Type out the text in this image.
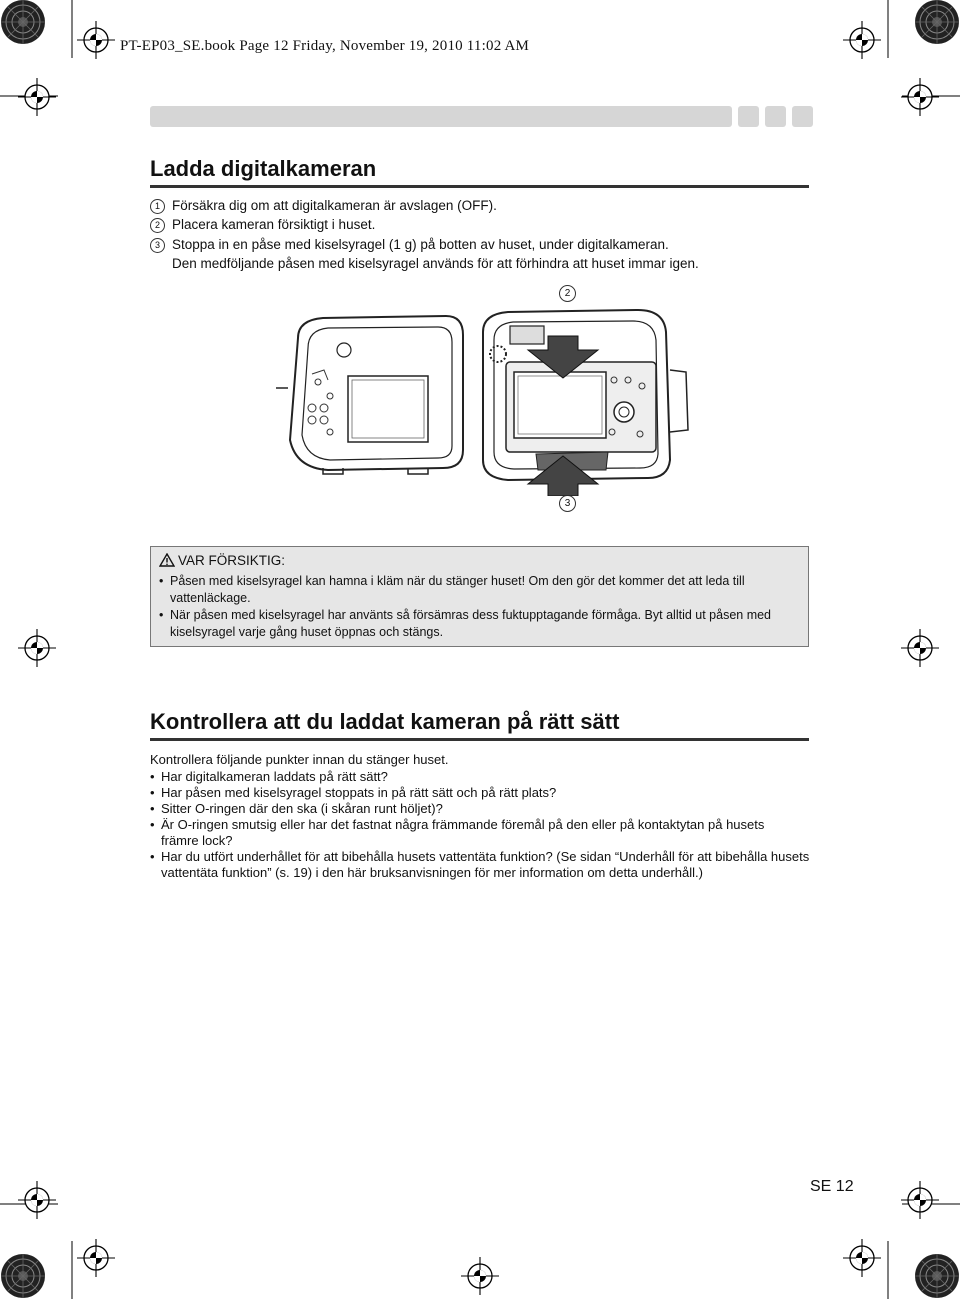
PT-EP03_SE.book Page 12 Friday, November 19, 2010 11:02 AM
Ladda digitalkameran
1 Försäkra dig om att digitalkameran är avslagen (OFF).
2 Placera kameran försiktigt i huset.
3 Stoppa in en påse med kiselsyragel (1 g) på botten av huset, under digitalkameran.
Den medföljande påsen med kiselsyragel används för att förhindra att huset immar igen.
2
3
VAR FÖRSIKTIG:
• Påsen med kiselsyragel kan hamna i kläm när du stänger huset! Om den gör det kommer det att leda till vattenläckage.
• När påsen med kiselsyragel har använts så försämras dess fuktupptagande förmåga. Byt alltid ut påsen med kiselsyragel varje gång huset öppnas och stängs.
Kontrollera att du laddat kameran på rätt sätt

Kontrollera följande punkter innan du stänger huset.

• Har digitalkameran laddats på rätt sätt?

• Har påsen med kiselsyragel stoppats in på rätt sätt och på rätt plats?

• Sitter O-ringen där den ska (i skåran runt höljet)?

• Är O-ringen smutsig eller har det fastnat några främmande föremål på den eller på kontaktytan på husets främre lock?

• Har du utfört underhållet för att bibehålla husets vattentäta funktion? (Se sidan “Underhåll för att bibehålla husets vattentäta funktion” (s. 19) i den här bruksanvisningen för mer information om detta underhåll.)

SE 12
